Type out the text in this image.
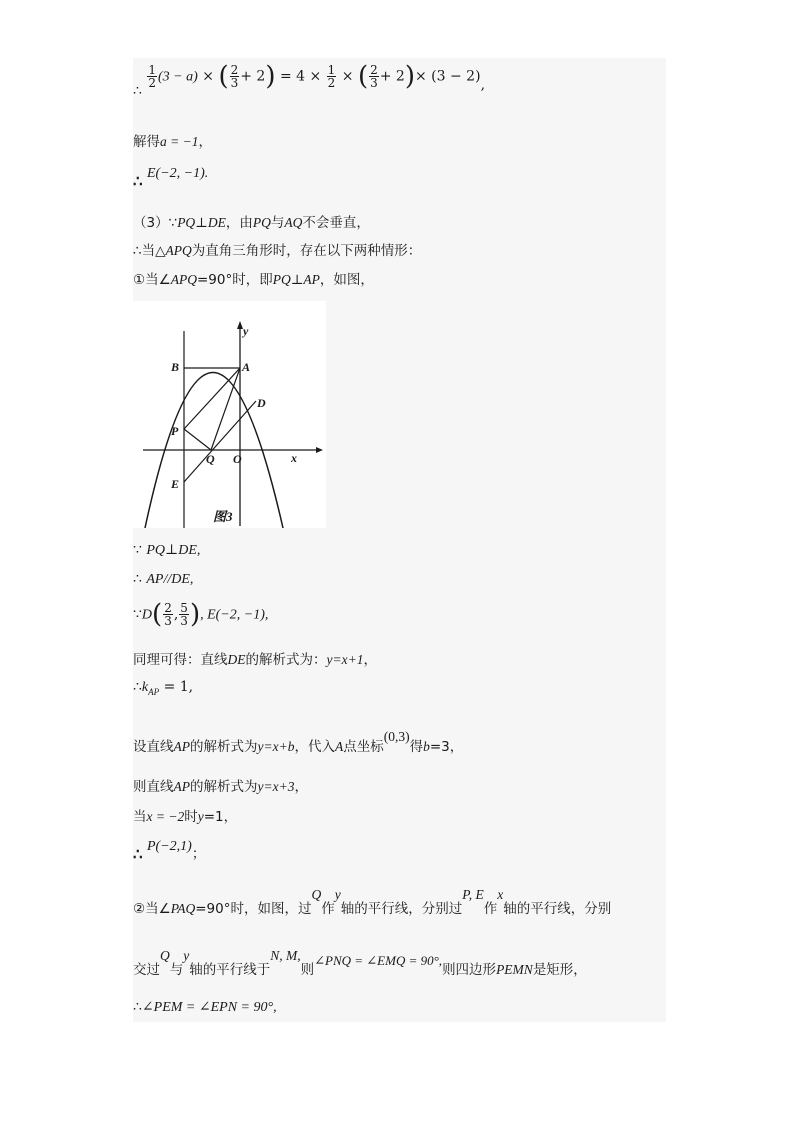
∴
$\frac{1}{2} (3 - a)$ × ( $\frac{2}{3} + 2) = 4 \times \frac{1}{2}$ × ( $\frac{2}{3} + 2)\times (3 - 2)$,
解得a = −1，
∴ E(−2, −1).
（3）∵PQ⊥DE，由PQ与AQ不会垂直，
∴当△APQ为直角三角形时，存在以下两种情形：
①当∠APQ=90°时，即PQ⊥AP，如图，
y
x
A
B
D
P
Q O
E
图3
∵ PQ⊥DE,
∴ AP//DE,
∵D( $\frac{2}{3}$ , $\frac{5}{3}$ ), E(−2, −1),
同理可得：直线DE的解析式为：y=x+1，
$\therefore k_{AP} = 1$,
设直线AP的解析式为y=x+b，代入A点坐标(0,3)得b=3，
则直线AP的解析式为y=x+3，
当x = −2时y=1，
∴ P(−2,1)；
②当∠PAQ=90°时，如图，过Q作y轴的平行线，分别过P, E作x轴的平行线，分别
交过Q与y轴的平行线于N, M,则∠PNQ = ∠EMQ = 90°,则四边形PEMN是矩形，
∴∠PEM = ∠EPN = 90°,
